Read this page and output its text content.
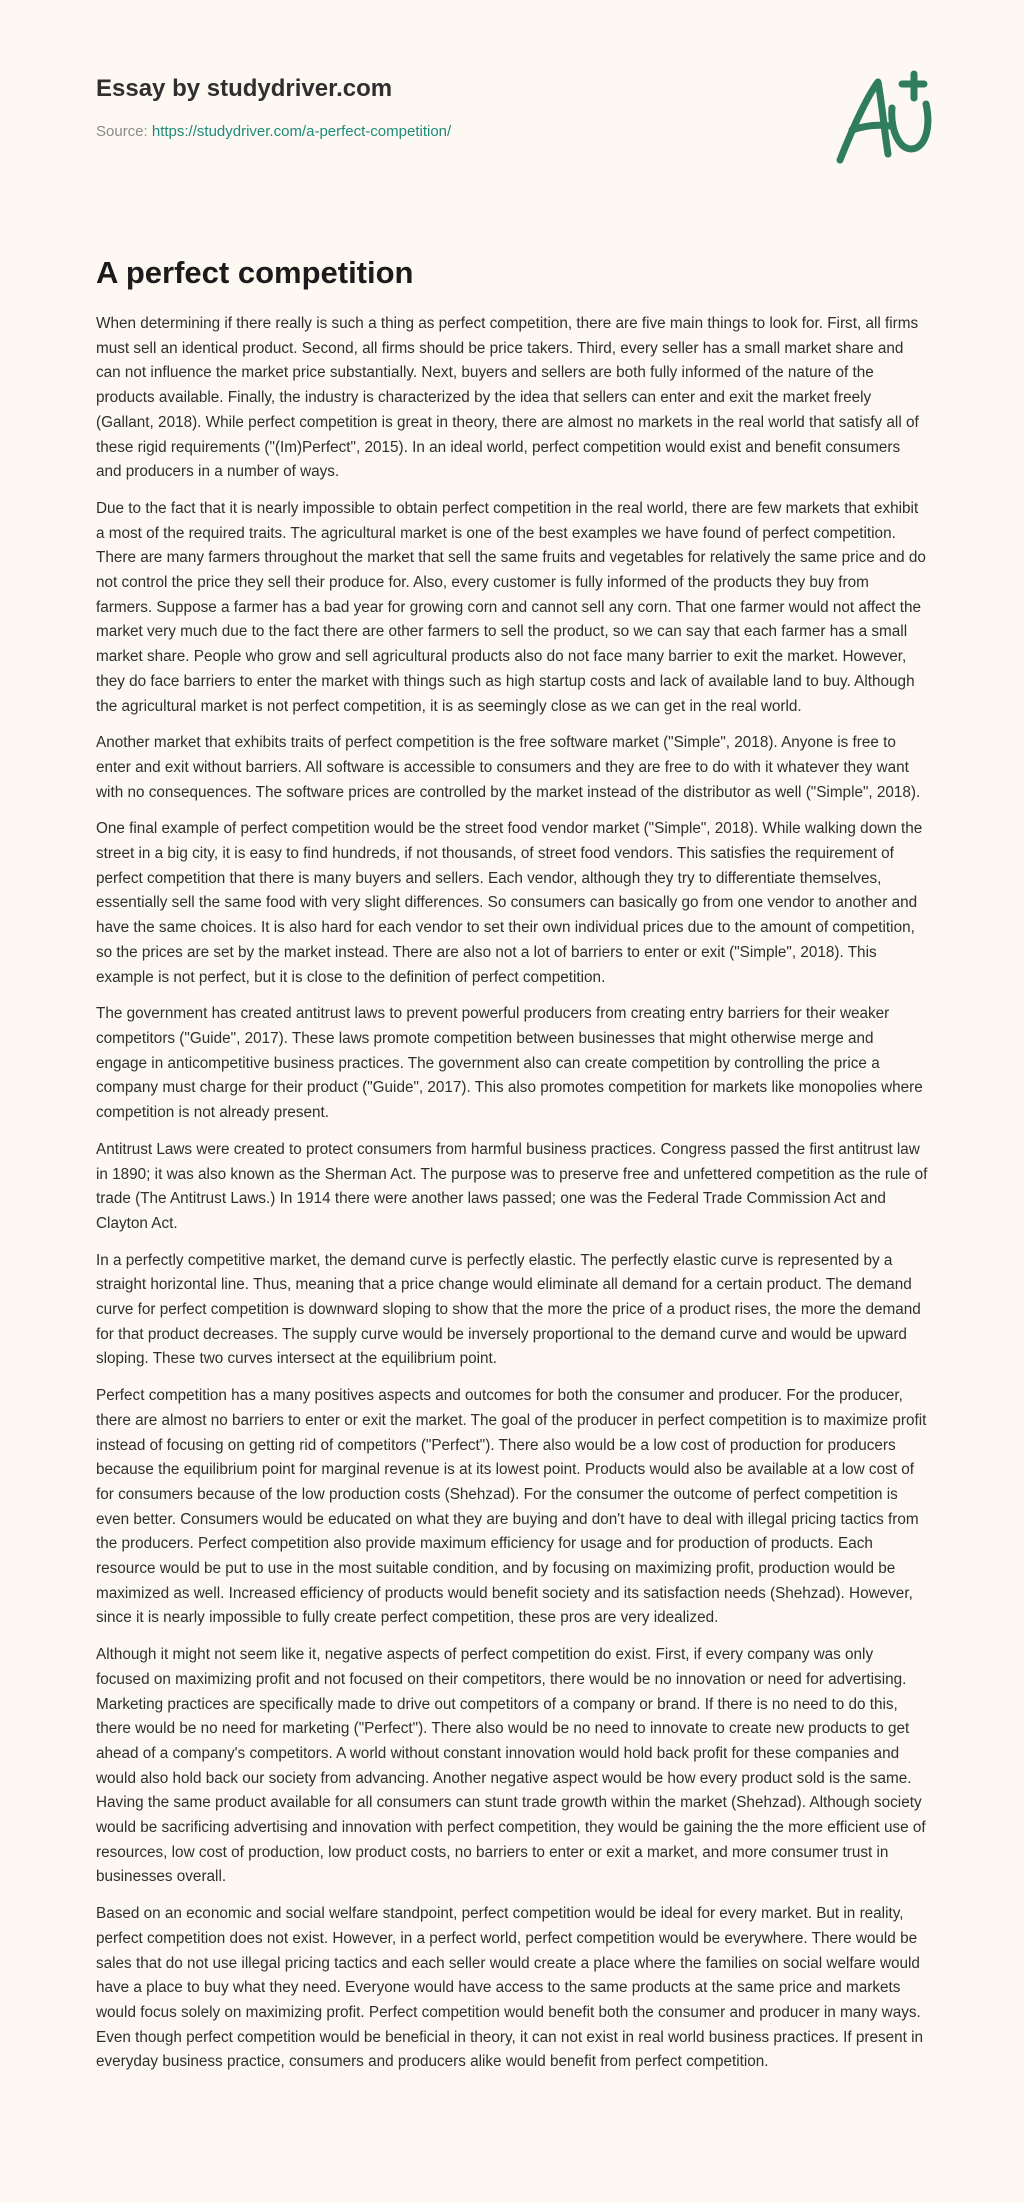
Essay by studydriver.com
Source: https://studydriver.com/a-perfect-competition/
A perfect competition

When determining if there really is such a thing as perfect competition, there are five main things to look for. First, all firms must sell an identical product. Second, all firms should be price takers. Third, every seller has a small market share and can not influence the market price substantially. Next, buyers and sellers are both fully informed of the nature of the products available. Finally, the industry is characterized by the idea that sellers can enter and exit the market freely (Gallant, 2018). While perfect competition is great in theory, there are almost no markets in the real world that satisfy all of these rigid requirements ("(Im)Perfect", 2015). In an ideal world, perfect competition would exist and benefit consumers and producers in a number of ways.

Due to the fact that it is nearly impossible to obtain perfect competition in the real world, there are few markets that exhibit a most of the required traits. The agricultural market is one of the best examples we have found of perfect competition. There are many farmers throughout the market that sell the same fruits and vegetables for relatively the same price and do not control the price they sell their produce for. Also, every customer is fully informed of the products they buy from farmers. Suppose a farmer has a bad year for growing corn and cannot sell any corn. That one farmer would not affect the market very much due to the fact there are other farmers to sell the product, so we can say that each farmer has a small market share. People who grow and sell agricultural products also do not face many barrier to exit the market. However, they do face barriers to enter the market with things such as high startup costs and lack of available land to buy. Although the agricultural market is not perfect competition, it is as seemingly close as we can get in the real world.

Another market that exhibits traits of perfect competition is the free software market ("Simple", 2018). Anyone is free to enter and exit without barriers. All software is accessible to consumers and they are free to do with it whatever they want with no consequences. The software prices are controlled by the market instead of the distributor as well ("Simple", 2018).

One final example of perfect competition would be the street food vendor market ("Simple", 2018). While walking down the street in a big city, it is easy to find hundreds, if not thousands, of street food vendors. This satisfies the requirement of perfect competition that there is many buyers and sellers. Each vendor, although they try to differentiate themselves, essentially sell the same food with very slight differences. So consumers can basically go from one vendor to another and have the same choices. It is also hard for each vendor to set their own individual prices due to the amount of competition, so the prices are set by the market instead. There are also not a lot of barriers to enter or exit ("Simple", 2018). This example is not perfect, but it is close to the definition of perfect competition.

The government has created antitrust laws to prevent powerful producers from creating entry barriers for their weaker competitors ("Guide", 2017). These laws promote competition between businesses that might otherwise merge and engage in anticompetitive business practices. The government also can create competition by controlling the price a company must charge for their product ("Guide", 2017). This also promotes competition for markets like monopolies where competition is not already present.

Antitrust Laws were created to protect consumers from harmful business practices. Congress passed the first antitrust law in 1890; it was also known as the Sherman Act. The purpose was to preserve free and unfettered competition as the rule of trade (The Antitrust Laws.) In 1914 there were another laws passed; one was the Federal Trade Commission Act and Clayton Act.

In a perfectly competitive market, the demand curve is perfectly elastic. The perfectly elastic curve is represented by a straight horizontal line. Thus, meaning that a price change would eliminate all demand for a certain product. The demand curve for perfect competition is downward sloping to show that the more the price of a product rises, the more the demand for that product decreases. The supply curve would be inversely proportional to the demand curve and would be upward sloping. These two curves intersect at the equilibrium point.

Perfect competition has a many positives aspects and outcomes for both the consumer and producer. For the producer, there are almost no barriers to enter or exit the market. The goal of the producer in perfect competition is to maximize profit instead of focusing on getting rid of competitors ("Perfect"). There also would be a low cost of production for producers because the equilibrium point for marginal revenue is at its lowest point. Products would also be available at a low cost of for consumers because of the low production costs (Shehzad). For the consumer the outcome of perfect competition is even better. Consumers would be educated on what they are buying and don't have to deal with illegal pricing tactics from the producers. Perfect competition also provide maximum efficiency for usage and for production of products. Each resource would be put to use in the most suitable condition, and by focusing on maximizing profit, production would be maximized as well. Increased efficiency of products would benefit society and its satisfaction needs (Shehzad). However, since it is nearly impossible to fully create perfect competition, these pros are very idealized.

Although it might not seem like it, negative aspects of perfect competition do exist. First, if every company was only focused on maximizing profit and not focused on their competitors, there would be no innovation or need for advertising. Marketing practices are specifically made to drive out competitors of a company or brand. If there is no need to do this, there would be no need for marketing ("Perfect"). There also would be no need to innovate to create new products to get ahead of a company's competitors. A world without constant innovation would hold back profit for these companies and would also hold back our society from advancing. Another negative aspect would be how every product sold is the same. Having the same product available for all consumers can stunt trade growth within the market (Shehzad). Although society would be sacrificing advertising and innovation with perfect competition, they would be gaining the the more efficient use of resources, low cost of production, low product costs, no barriers to enter or exit a market, and more consumer trust in businesses overall.

Based on an economic and social welfare standpoint, perfect competition would be ideal for every market. But in reality, perfect competition does not exist. However, in a perfect world, perfect competition would be everywhere. There would be sales that do not use illegal pricing tactics and each seller would create a place where the families on social welfare would have a place to buy what they need. Everyone would have access to the same products at the same price and markets would focus solely on maximizing profit. Perfect competition would benefit both the consumer and producer in many ways. Even though perfect competition would be beneficial in theory, it can not exist in real world business practices. If present in everyday business practice, consumers and producers alike would benefit from perfect competition.
